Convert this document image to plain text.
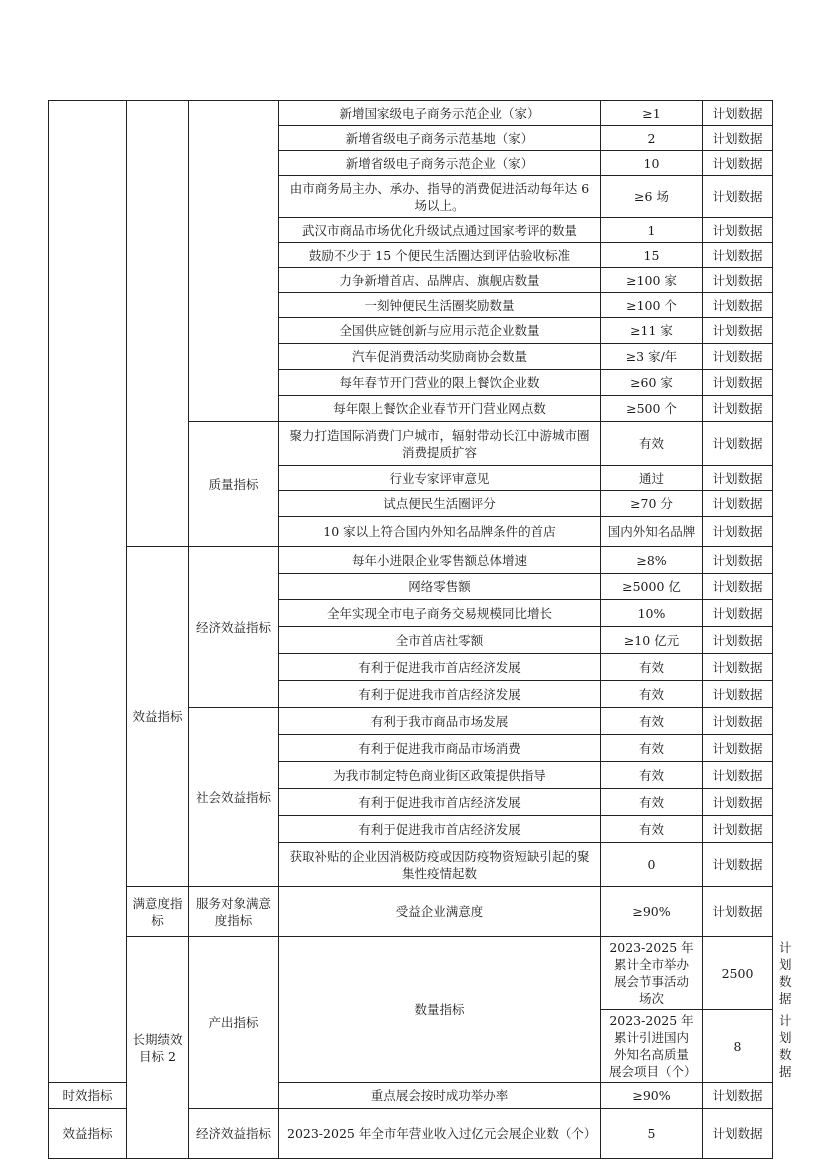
			新增国家级电子商务示范企业（家）	≥1	计划数据	
			新增省级电子商务示范基地（家）	2	计划数据	
			新增省级电子商务示范企业（家）	10	计划数据	
			由市商务局主办、承办、指导的消费促进活动每年达 6 场以上。	≥6 场	计划数据	
			武汉市商品市场优化升级试点通过国家考评的数量	1	计划数据	
			鼓励不少于 15 个便民生活圈达到评估验收标准	15	计划数据	
			力争新增首店、品牌店、旗舰店数量	≥100 家	计划数据	
			一刻钟便民生活圈奖励数量	≥100 个	计划数据	
			全国供应链创新与应用示范企业数量	≥11 家	计划数据	
			汽车促消费活动奖励商协会数量	≥3 家/年	计划数据	
			每年春节开门营业的限上餐饮企业数	≥60 家	计划数据	
			每年限上餐饮企业春节开门营业网点数	≥500 个	计划数据	
		质量指标	聚力打造国际消费门户城市，辐射带动长江中游城市圈消费提质扩容	有效	计划数据	
			行业专家评审意见	通过	计划数据	
			试点便民生活圈评分	≥70 分	计划数据	
			10 家以上符合国内外知名品牌条件的首店	国内外知名品牌	计划数据	
	效益指标	经济效益指标	每年小进限企业零售额总体增速	≥8%	计划数据	
			网络零售额	≥5000 亿	计划数据	
			全年实现全市电子商务交易规模同比增长	10%	计划数据	
			全市首店社零额	≥10 亿元	计划数据	
			有利于促进我市首店经济发展	有效	计划数据	
			有利于促进我市首店经济发展	有效	计划数据	
		社会效益指标	有利于我市商品市场发展	有效	计划数据	
			有利于促进我市商品市场消费	有效	计划数据	
			为我市制定特色商业街区政策提供指导	有效	计划数据	
			有利于促进我市首店经济发展	有效	计划数据	
			有利于促进我市首店经济发展	有效	计划数据	
			获取补贴的企业因消极防疫或因防疫物资短缺引起的聚集性疫情起数	0	计划数据	
	满意度指标	服务对象满意度指标	受益企业满意度	≥90%	计划数据	
	长期绩效目标 2	产出指标	数量指标	2023-2025 年累计全市举办展会节事活动场次	2500	计划数据
				2023-2025 年累计引进国内外知名高质量展会项目（个）	8	计划数据
时效指标			重点展会按时成功举办率	≥90%	计划数据	
效益指标		经济效益指标	2023-2025 年全市年营业收入过亿元会展企业数（个）	5	计划数据	
